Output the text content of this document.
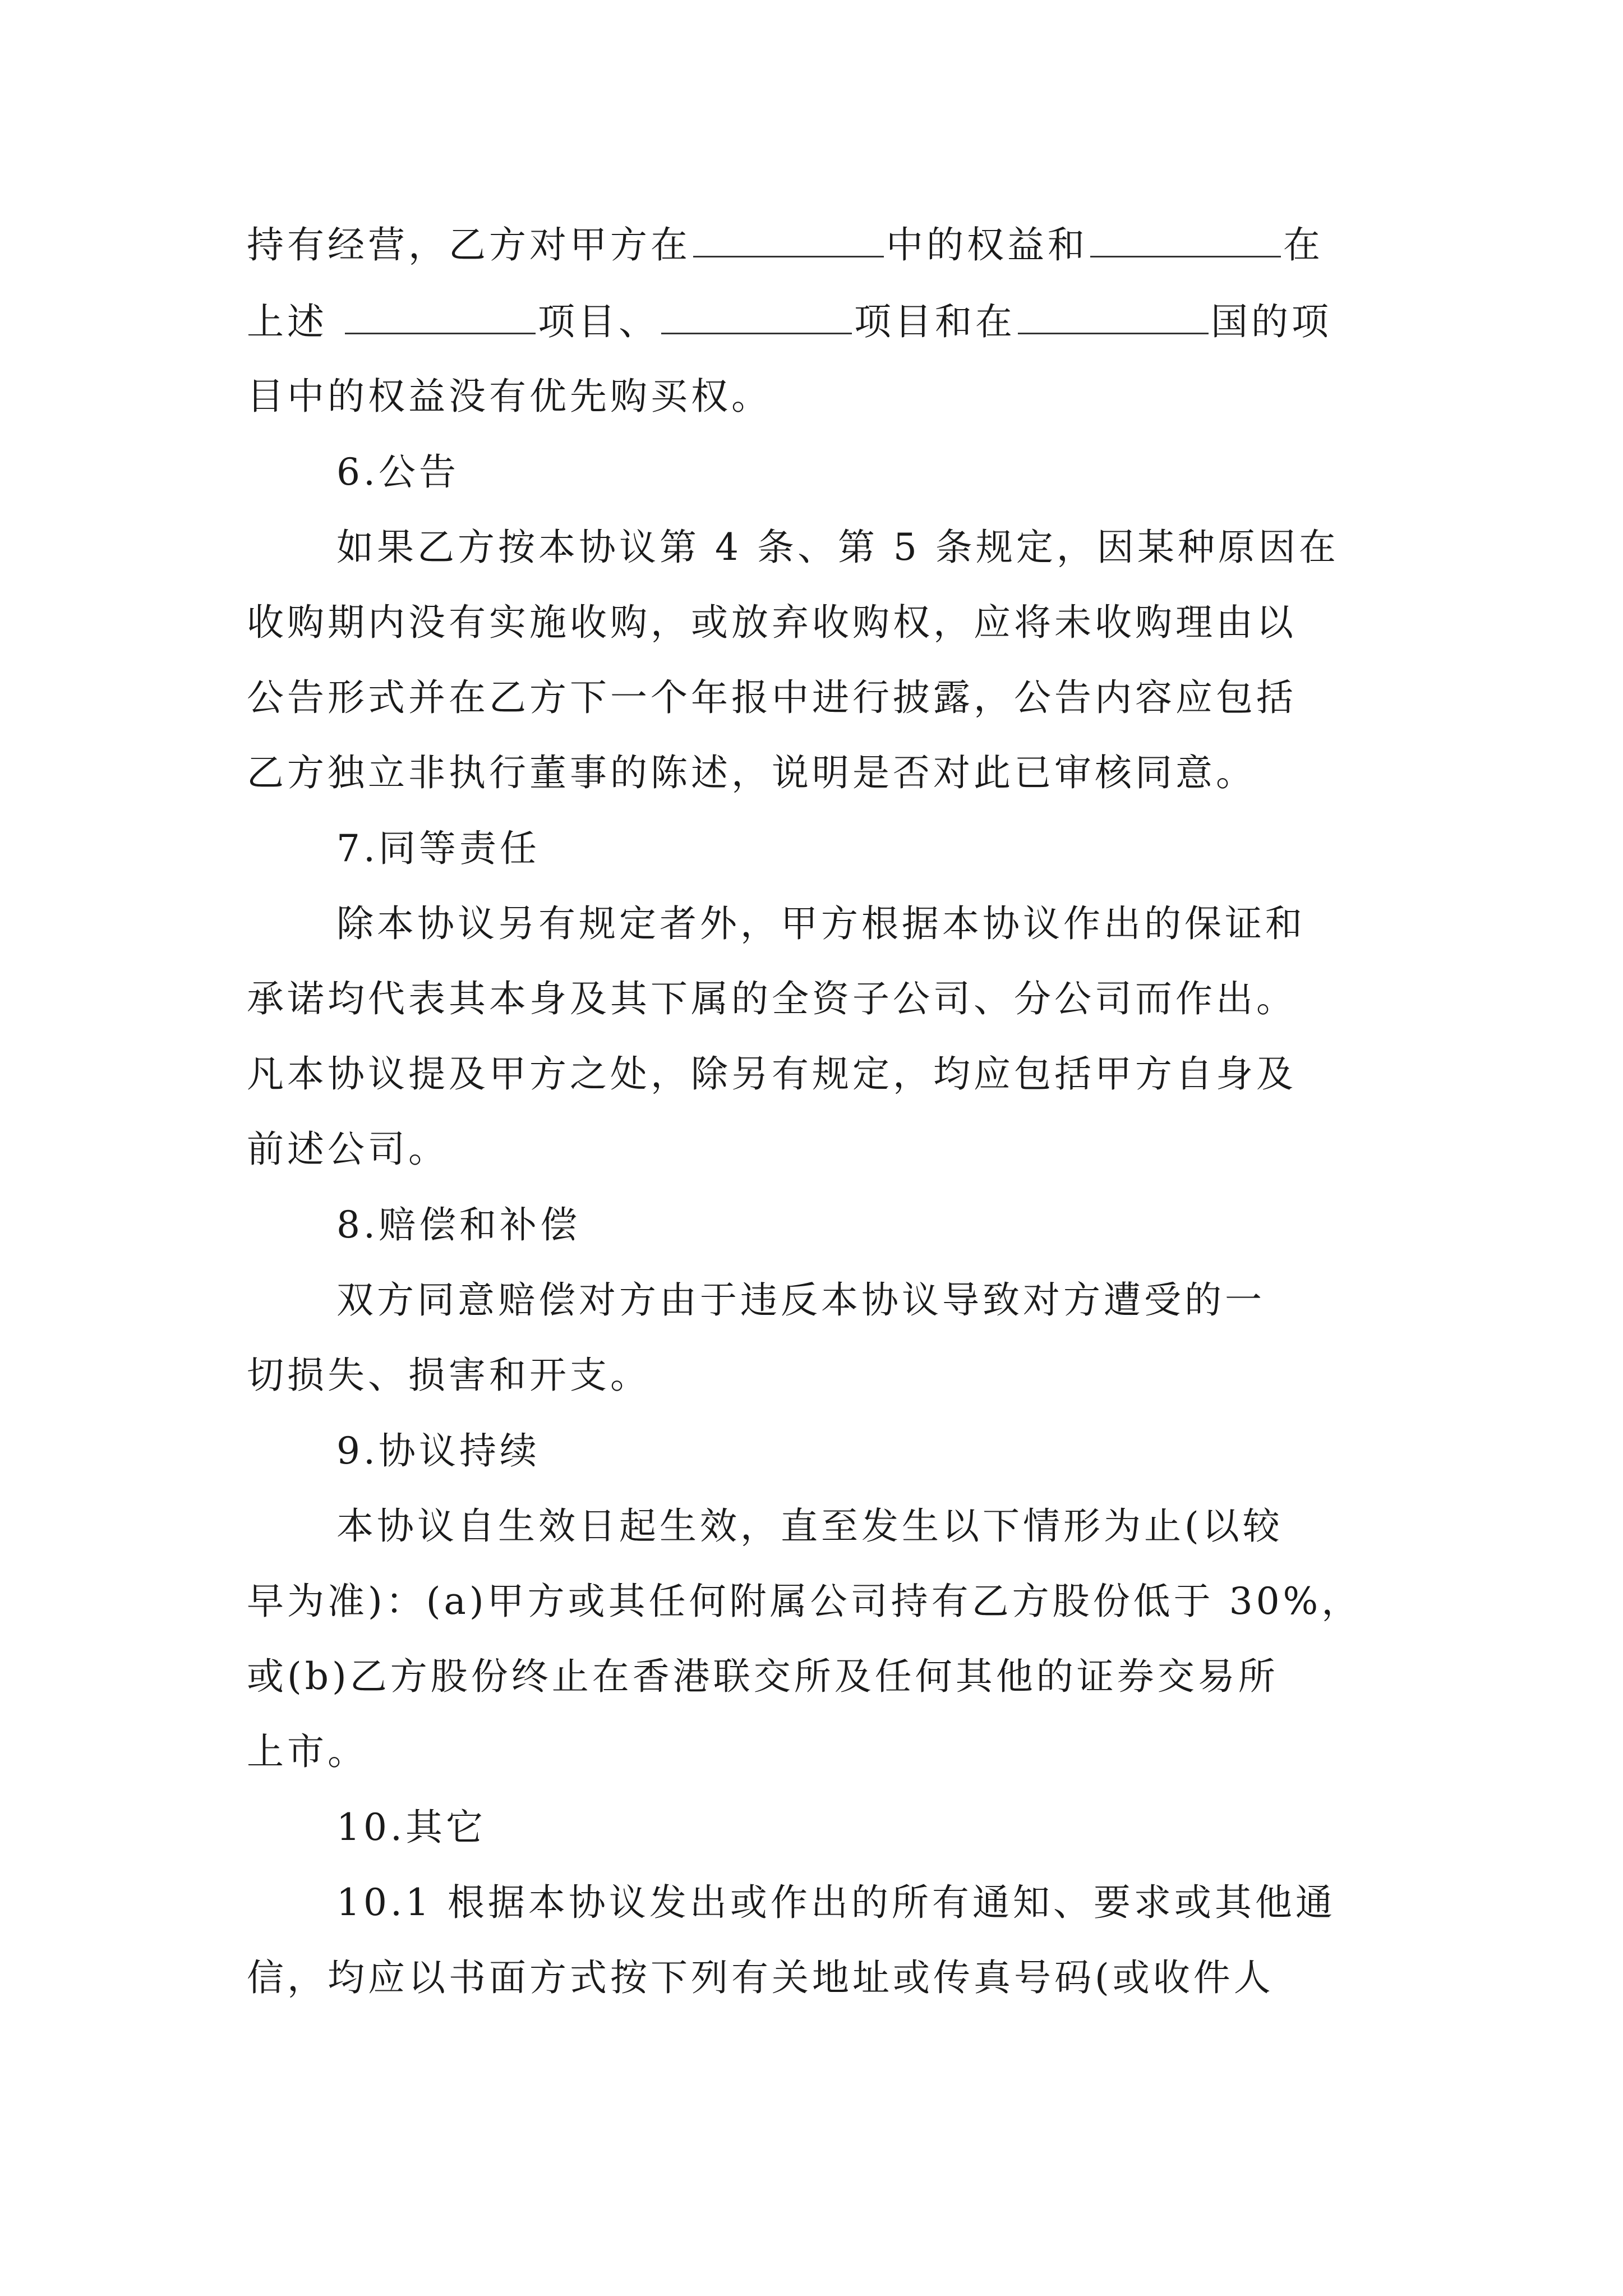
持有经营，乙方对甲方在	中的权益和	在
上述	项目、	项目和在	国的项
目中的权益没有优先购买权。
6.公告
如果乙方按本协议第 4 条、第 5 条规定，因某种原因在
收购期内没有实施收购，或放弃收购权，应将未收购理由以
公告形式并在乙方下一个年报中进行披露，公告内容应包括
乙方独立非执行董事的陈述，说明是否对此已审核同意。
7.同等责任
除本协议另有规定者外，甲方根据本协议作出的保证和
承诺均代表其本身及其下属的全资子公司、分公司而作出。
凡本协议提及甲方之处，除另有规定，均应包括甲方自身及
前述公司。
8.赔偿和补偿
双方同意赔偿对方由于违反本协议导致对方遭受的一
切损失、损害和开支。
9.协议持续
本协议自生效日起生效，直至发生以下情形为止(以较
早为准)：(a)甲方或其任何附属公司持有乙方股份低于 30%，
或(b)乙方股份终止在香港联交所及任何其他的证券交易所
上市。
10.其它
10.1 根据本协议发出或作出的所有通知、要求或其他通
信，均应以书面方式按下列有关地址或传真号码(或收件人
